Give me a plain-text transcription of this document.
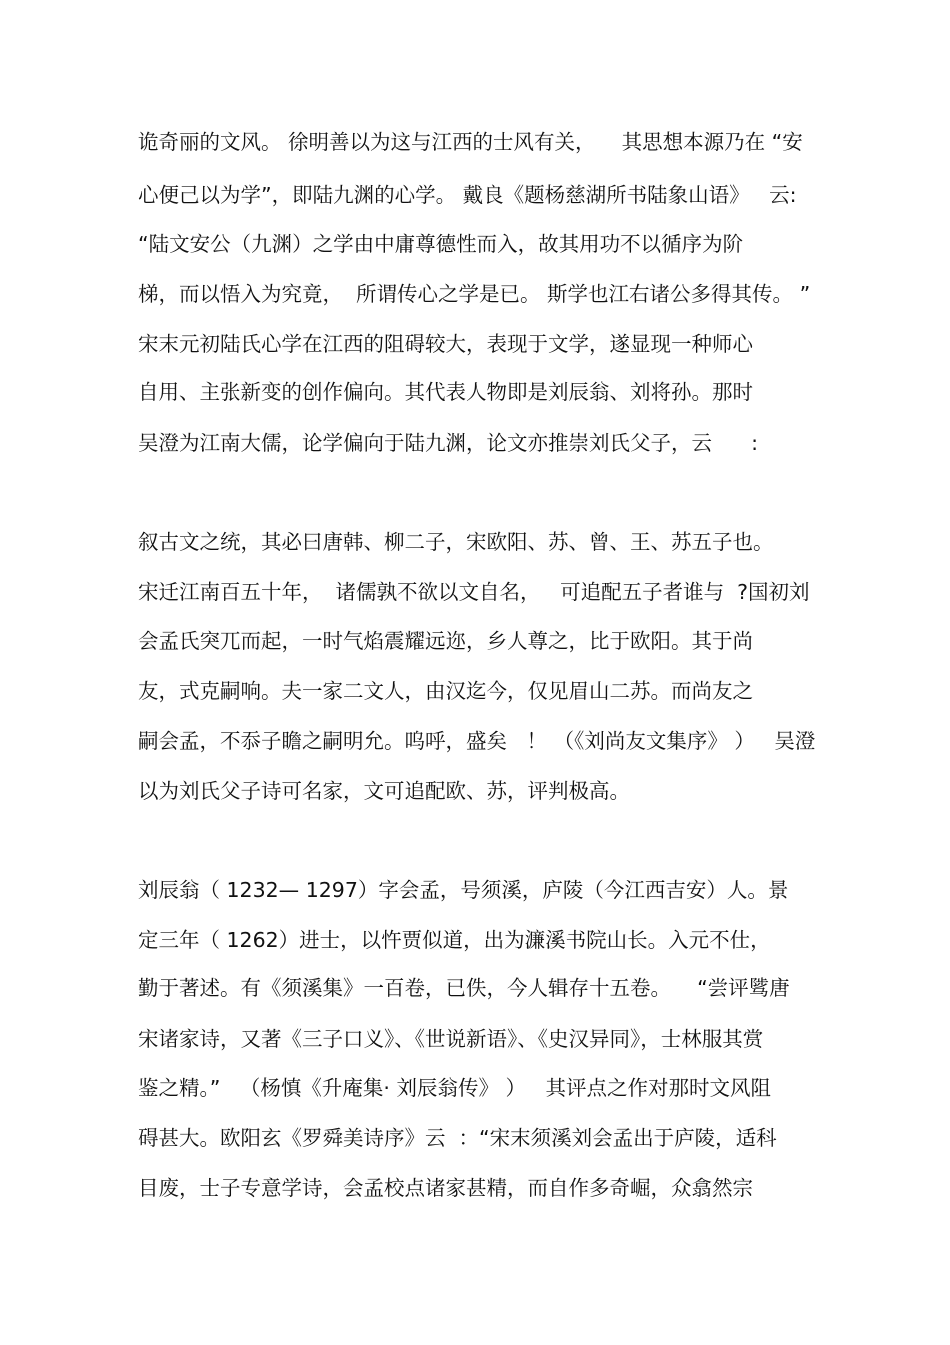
诡奇丽的文风。 徐明善以为这与江西的士风有关，    其思想本源乃在 “安
心便己以为学”，即陆九渊的心学。 戴良《题杨慈湖所书陆象山语》   云:
“陆文安公（九渊）之学由中庸尊德性而入，故其用功不以循序为阶
梯，而以悟入为究竟，  所谓传心之学是已。 斯学也江右诸公多得其传。 ”
宋末元初陆氏心学在江西的阻碍较大，表现于文学，遂显现一种师心
自用、主张新变的创作偏向。其代表人物即是刘辰翁、刘将孙。那时
吴澄为江南大儒，论学偏向于陆九渊，论文亦推崇刘氏父子，云      :
叙古文之统，其必曰唐韩、柳二子，宋欧阳、苏、曾、王、苏五子也。
宋迁江南百五十年，  诸儒孰不欲以文自名，   可追配五子者谁与  ?国初刘
会孟氏突兀而起，一时气焰震耀远迩，乡人尊之，比于欧阳。其于尚
友，式克嗣响。夫一家二文人，由汉迄今，仅见眉山二苏。而尚友之
嗣会孟，不忝子瞻之嗣明允。呜呼，盛矣   ！ （《刘尚友文集序》 ）   吴澄
以为刘氏父子诗可名家，文可追配欧、苏，评判极高。
刘辰翁（ 1232— 1297）字会孟，号须溪，庐陵（今江西吉安）人。景
定三年（ 1262）进士，以忤贾似道，出为濂溪书院山长。入元不仕，
勤于著述。有《须溪集》一百卷，已佚，今人辑存十五卷。    “尝评骘唐
宋诸家诗，又著《三子口义》、《世说新语》、《史汉异同》，士林服其赏
鉴之精。”   （杨慎《升庵集· 刘辰翁传》 ）   其评点之作对那时文风阻
碍甚大。欧阳玄《罗舜美诗序》云  ：“宋末须溪刘会孟出于庐陵，适科
目废，士子专意学诗，会孟校点诸家甚精，而自作多奇崛，众翕然宗
